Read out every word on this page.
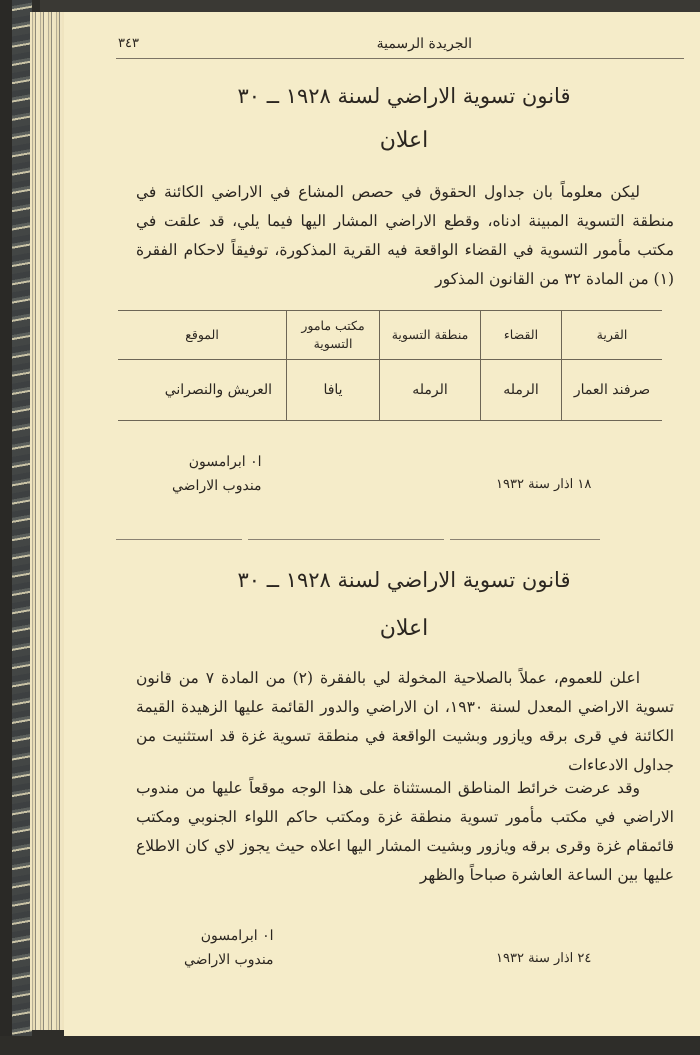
الجريدة الرسمية
٣٤٣
قانون تسوية الاراضي لسنة ١٩٢٨ ــ ٣٠
اعلان
ليكن معلوماً بان جداول الحقوق في حصص المشاع في الاراضي الكائنة في منطقة التسوية المبينة ادناه، وقطع الاراضي المشار اليها فيما يلي، قد علقت في مكتب مأمور التسوية في القضاء الواقعة فيه القرية المذكورة، توفيقاً لاحكام الفقرة (١) من المادة ٣٢ من القانون المذكور
القرية	القضاء	منطقة التسوية	مكتب مامور التسوية	الموقع
صرفند العمار	الرمله	الرمله	يافا	العريش والنصراني
ا٠ ابرامسون
مندوب الاراضي	١٨ اذار سنة ١٩٣٢
قانون تسوية الاراضي لسنة ١٩٢٨ ــ ٣٠
اعلان
اعلن للعموم، عملاً بالصلاحية المخولة لي بالفقرة (٢) من المادة ٧ من قانون تسوية الاراضي المعدل لسنة ١٩٣٠، ان الاراضي والدور القائمة عليها الزهيدة القيمة الكائنة في قرى برقه ويازور وبشيت الواقعة في منطقة تسوية غزة قد استثنيت من جداول الادعاءات
وقد عرضت خرائط المناطق المستثناة على هذا الوجه موقعاً عليها من مندوب الاراضي في مكتب مأمور تسوية منطقة غزة ومكتب حاكم اللواء الجنوبي ومكتب قائمقام غزة وقرى برقه ويازور وبشيت المشار اليها اعلاه حيث يجوز لاي كان الاطلاع عليها بين الساعة العاشرة صباحاً والظهر
ا٠ ابرامسون
مندوب الاراضي	٢٤ اذار سنة ١٩٣٢
